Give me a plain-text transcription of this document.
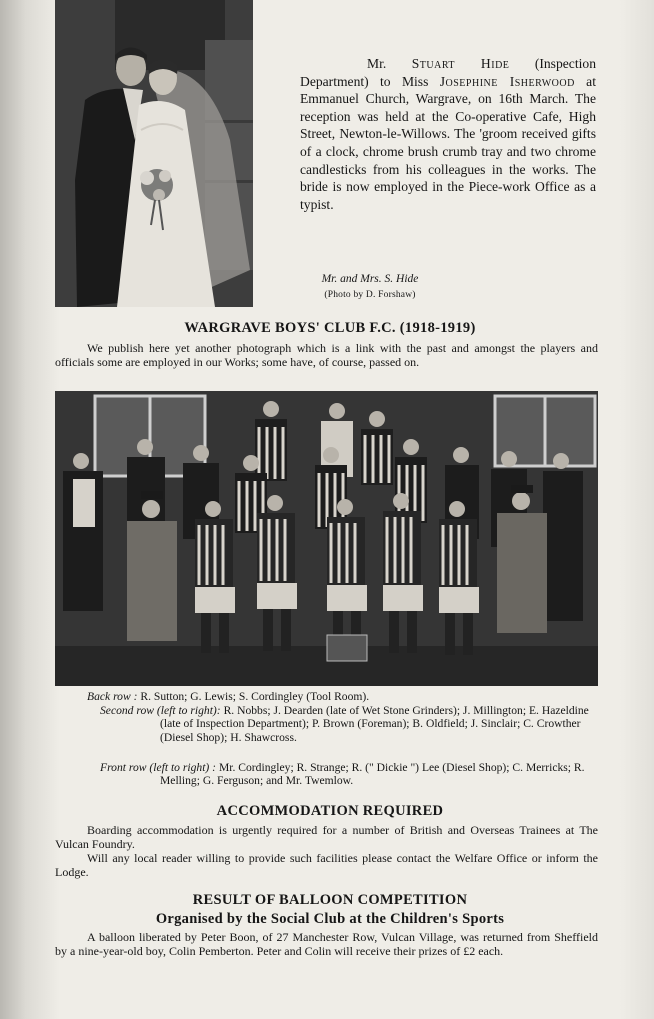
Mr. Stuart Hide (Inspection Department) to Miss Josephine Isherwood at Emmanuel Church, Wargrave, on 16th March. The reception was held at the Co-operative Cafe, High Street, Newton-le-Willows. The 'groom received gifts of a clock, chrome brush crumb tray and two chrome candlesticks from his colleagues in the works. The bride is now employed in the Piece-work Office as a typist.
Mr. and Mrs. S. Hide
(Photo by D. Forshaw)
WARGRAVE BOYS' CLUB F.C. (1918-1919)

We publish here yet another photograph which is a link with the past and amongst the players and officials some are employed in our Works; some have, of course, passed on.

Back row : R. Sutton; G. Lewis; S. Cordingley (Tool Room).

Second row (left to right): R. Nobbs; J. Dearden (late of Wet Stone Grinders); J. Millington; E. Hazeldine (late of Inspection Department); P. Brown (Foreman); B. Oldfield; J. Sinclair; C. Crowther (Diesel Shop); H. Shawcross.

Front row (left to right) : Mr. Cordingley; R. Strange; R. (" Dickie ") Lee (Diesel Shop); C. Merricks; R. Melling; G. Ferguson; and Mr. Twemlow.

ACCOMMODATION REQUIRED

Boarding accommodation is urgently required for a number of British and Overseas Trainees at The Vulcan Foundry.

Will any local reader willing to provide such facilities please contact the Welfare Office or inform the Lodge.

RESULT OF BALLOON COMPETITION
Organised by the Social Club at the Children's Sports

A balloon liberated by Peter Boon, of 27 Manchester Row, Vulcan Village, was returned from Sheffield by a nine-year-old boy, Colin Pemberton. Peter and Colin will receive their prizes of £2 each.
